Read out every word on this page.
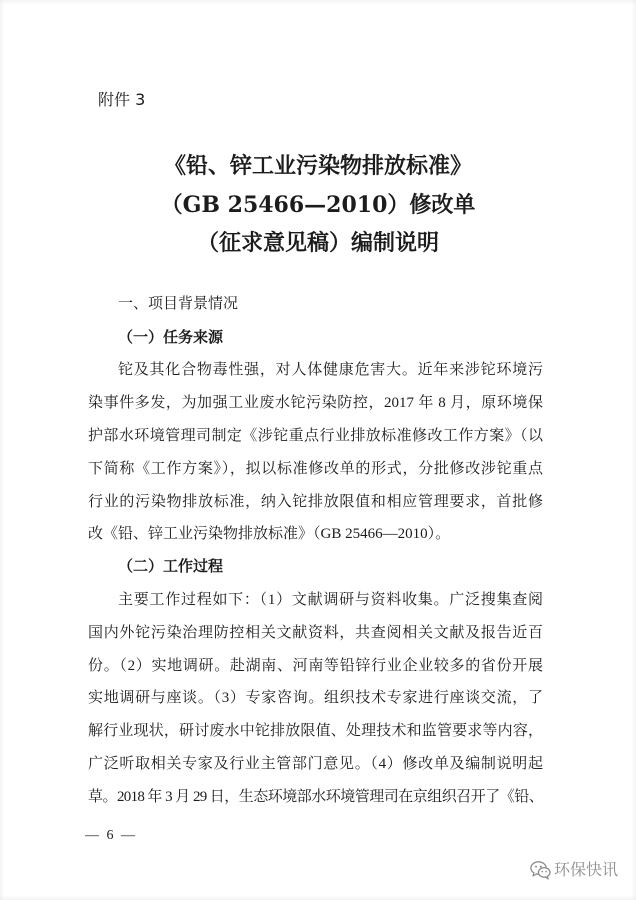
附件 3
《铅、锌工业污染物排放标准》
（GB 25466—2010）修改单
（征求意见稿）编制说明
一、项目背景情况
（一）任务来源
铊及其化合物毒性强，对人体健康危害大。近年来涉铊环境污
染事件多发，为加强工业废水铊污染防控，2017 年 8 月，原环境保
护部水环境管理司制定《涉铊重点行业排放标准修改工作方案》（以
下简称《工作方案》），拟以标准修改单的形式，分批修改涉铊重点
行业的污染物排放标准，纳入铊排放限值和相应管理要求，首批修
改《铅、锌工业污染物排放标准》（GB 25466—2010）。
（二）工作过程
主要工作过程如下：（1）文献调研与资料收集。广泛搜集查阅
国内外铊污染治理防控相关文献资料，共查阅相关文献及报告近百
份。（2）实地调研。赴湖南、河南等铅锌行业企业较多的省份开展
实地调研与座谈。（3）专家咨询。组织技术专家进行座谈交流，了
解行业现状，研讨废水中铊排放限值、处理技术和监管要求等内容，
广泛听取相关专家及行业主管部门意见。（4）修改单及编制说明起
草。2018 年 3 月 29 日，生态环境部水环境管理司在京组织召开了《铅、
— 6 —
环保快讯
